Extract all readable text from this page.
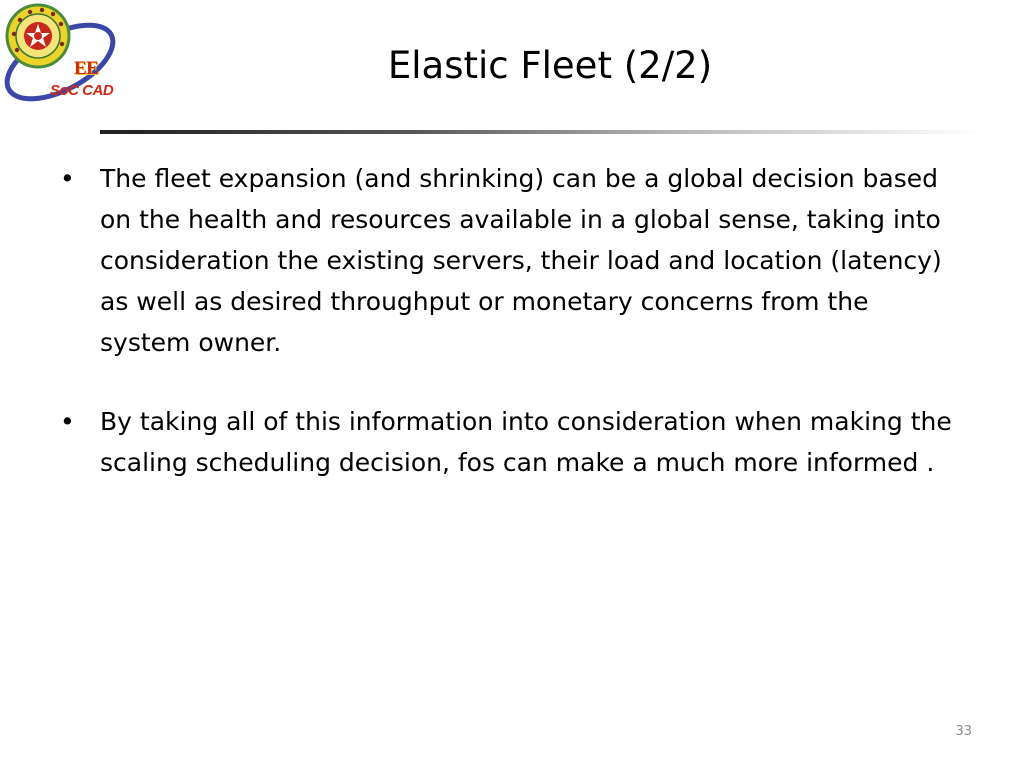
EE
SoC CAD
Elastic Fleet (2/2)
• The fleet expansion (and shrinking) can be a global decision based on the health and resources available in a global sense, taking into consideration the existing servers, their load and location (latency) as well as desired throughput or monetary concerns from the system owner.
• By taking all of this information into consideration when making the scaling scheduling decision, fos can make a much more informed .
33
